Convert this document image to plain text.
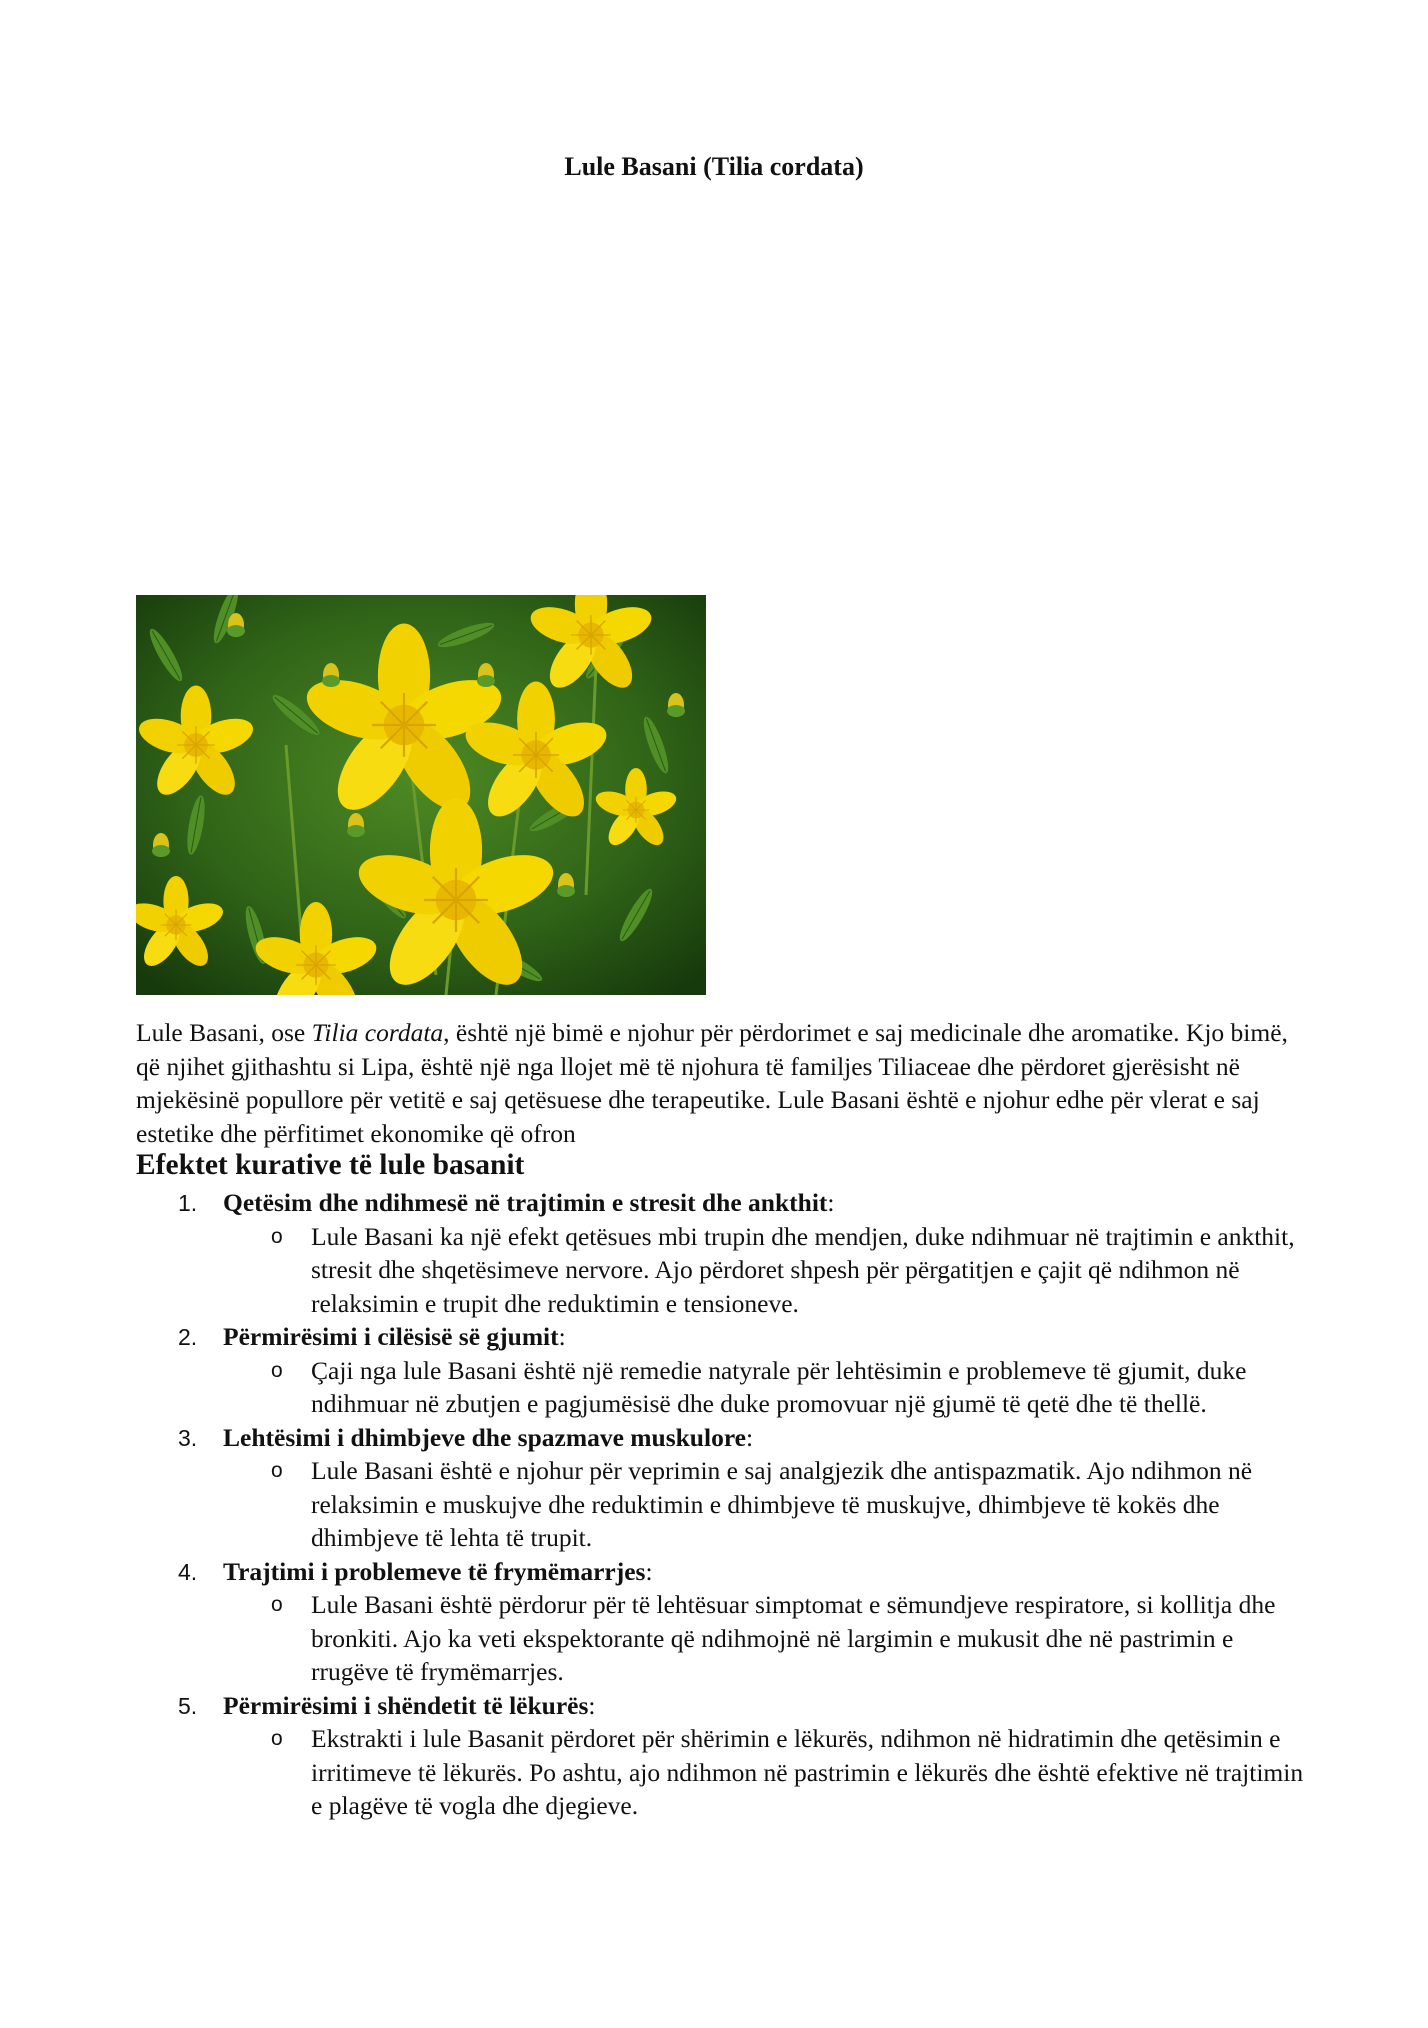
Lule Basani (Tilia cordata)
Lule Basani, ose Tilia cordata, është një bimë e njohur për përdorimet e saj medicinale dhe aromatike. Kjo bimë, që njihet gjithashtu si Lipa, është një nga llojet më të njohura të familjes Tiliaceae dhe përdoret gjerësisht në mjekësinë popullore për vetitë e saj qetësuese dhe terapeutike. Lule Basani është e njohur edhe për vlerat e saj estetike dhe përfitimet ekonomike që ofron
Efektet kurative të lule basanit
1. Qetësim dhe ndihmesë në trajtimin e stresit dhe ankthit:
o Lule Basani ka një efekt qetësues mbi trupin dhe mendjen, duke ndihmuar në trajtimin e ankthit, stresit dhe shqetësimeve nervore. Ajo përdoret shpesh për përgatitjen e çajit që ndihmon në relaksimin e trupit dhe reduktimin e tensioneve.
2. Përmirësimi i cilësisë së gjumit:
o Çaji nga lule Basani është një remedie natyrale për lehtësimin e problemeve të gjumit, duke ndihmuar në zbutjen e pagjumësisë dhe duke promovuar një gjumë të qetë dhe të thellë.
3. Lehtësimi i dhimbjeve dhe spazmave muskulore:
o Lule Basani është e njohur për veprimin e saj analgjezik dhe antispazmatik. Ajo ndihmon në relaksimin e muskujve dhe reduktimin e dhimbjeve të muskujve, dhimbjeve të kokës dhe dhimbjeve të lehta të trupit.
4. Trajtimi i problemeve të frymëmarrjes:
o Lule Basani është përdorur për të lehtësuar simptomat e sëmundjeve respiratore, si kollitja dhe bronkiti. Ajo ka veti ekspektorante që ndihmojnë në largimin e mukusit dhe në pastrimin e rrugëve të frymëmarrjes.
5. Përmirësimi i shëndetit të lëkurës:
o Ekstrakti i lule Basanit përdoret për shërimin e lëkurës, ndihmon në hidratimin dhe qetësimin e irritimeve të lëkurës. Po ashtu, ajo ndihmon në pastrimin e lëkurës dhe është efektive në trajtimin e plagëve të vogla dhe djegieve.
